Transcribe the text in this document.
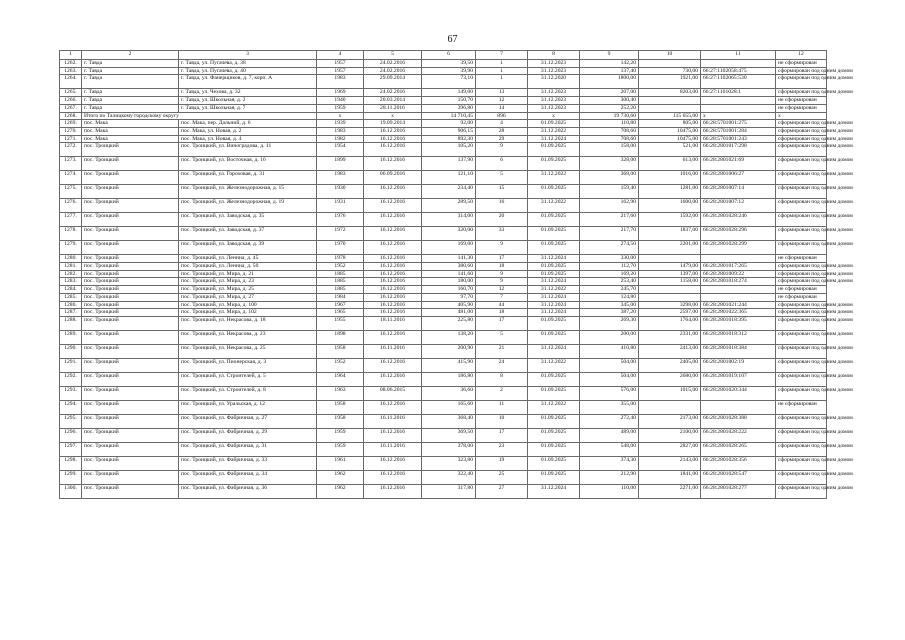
67
1	2	3	4	5	6	7	8	9	10	11	12
1262.	г. Тавда	г. Тавда, ул. Пугачева, д. 38	1957	24.02.2016	39,50	1	31.12.2023	142,20			не сформирован
1263.	г. Тавда	г. Тавда, ул. Пугачева, д. 40	1957	24.02.2016	39,90	1	31.12.2023	137,40	730,00	66:27:1102058:475	сформирован под одним домом
1264.	г. Тавда	г. Тавда, ул. Фанерщиков, д. 7, корп. А	1983	29.09.2014	73,10	1	31.12.2020	1800,00	1921,00	66:27:1102065:530	сформирован под одним домом
1265.	г. Тавда	г. Тавда, ул. Чехова, д. 32	1969	24.02.2016	149,00	13	31.12.2023	207,00	8203,00	66:27:1101028:1	сформирован под одним домом
1266.	г. Тавда	г. Тавда, ул. Школьная, д. 2	1940	20.03.2014	150,70	12	31.12.2023	300,40			не сформирован
1267.	г. Тавда	г. Тавда, ул. Школьная, д. 7	1959	28.11.2016	396,80	14	31.12.2023	252,20			не сформирован
1268.	Итого по Талицкому городскому округу		x	x	14 710,45	896	x	19 730,60	115 655,00	x	x
1269.	пос. Мака	пос. Мака, пер. Дальний, д. 6	1939	19.09.2014	92,00	4	01.09.2025	110,80	805,00	66:28:5701001:275	сформирован под одним домом
1270.	пос. Мака	пос. Мака, ул. Новая, д. 2	1983	16.12.2016	906,15	28	31.12.2022	708,60	10475,00	66:28:5701001:284	сформирован под одним домом
1271.	пос. Мака	пос. Мака, ул. Новая, д. 4	1982	16.12.2016	892,30	29	31.12.2024	708,60	10475,00	66:28:5701001:243	сформирован под одним домом
1272.	пос. Троицкий	пос. Троицкий, ул. Виноградова, д. 11	1954	16.12.2016	105,20	9	01.09.2025	158,00	521,00	66:28:2801017:298	сформирован под одним домом
1273.	пос. Троицкий	пос. Троицкий, ул. Восточная, д. 16	1899	16.12.2016	137,90	6	01.09.2025	328,00	613,00	66:28:2801021:69	сформирован под одним домом
1274.	пос. Троицкий	пос. Троицкий, ул. Гороховая, д. 31	1983	06.09.2016	121,10	5	31.12.2022	368,00	1016,00	66:28:2801006:27	сформирован под одним домом
1275.	пос. Троицкий	пос. Троицкий, ул. Железнодорожная, д. 15	1930	16.12.2016	234,40	15	01.09.2025	159,40	1281,00	66:28:2801007:14	сформирован под одним домом
1276.	пос. Троицкий	пос. Троицкий, ул. Железнодорожная, д. 19	1931	16.12.2016	289,50	16	31.12.2022	162,90	1600,00	66:28:2801007:12	сформирован под одним домом
1277.	пос. Троицкий	пос. Троицкий, ул. Заводская, д. 35	1976	16.12.2016	314,00	20	01.09.2025	217,60	1592,00	66:28:2801028:246	сформирован под одним домом
1278.	пос. Троицкий	пос. Троицкий, ул. Заводская, д. 37	1972	16.12.2016	320,00	33	01.09.2025	217,70	1837,00	66:28:2801028:296	сформирован под одним домом
1279.	пос. Троицкий	пос. Троицкий, ул. Заводская, д. 39	1970	16.12.2016	169,00	9	01.09.2025	274,50	2201,00	66:28:2801028:299	сформирован под одним домом
1280.	пос. Троицкий	пос. Троицкий, ул. Ленина, д. 45	1978	16.12.2016	141,30	17	31.12.2024	330,00			не сформирован
1281.	пос. Троицкий	пос. Троицкий, ул. Ленина, д. 50	1952	16.12.2016	380,60	18	01.09.2025	112,70	1479,00	66:28:2801017:265	сформирован под одним домом
1282.	пос. Троицкий	пос. Троицкий, ул. Мира, д. 21	1885	16.12.2016	141,60	9	01.09.2025	169,20	1397,00	66:28:2801009:22	сформирован под одним домом
1283.	пос. Троицкий	пос. Троицкий, ул. Мира, д. 23	1885	16.12.2016	180,00	9	31.12.2024	253,40	1158,00	66:28:2801018:274	сформирован под одним домом
1284.	пос. Троицкий	пос. Троицкий, ул. Мира, д. 25	1885	16.12.2016	160,70	12	31.12.2022	245,70			не сформирован
1285.	пос. Троицкий	пос. Троицкий, ул. Мира, д. 27	1984	16.12.2016	97,70	7	31.12.2024	124,80			не сформирован
1286.	пос. Троицкий	пос. Троицкий, ул. Мира, д. 100	1967	16.12.2016	405,90	44	31.12.2024	345,00	3298,00	66:28:2801021:244	сформирован под одним домом
1287.	пос. Троицкий	пос. Троицкий, ул. Мира, д. 102	1965	16.12.2016	481,00	18	31.12.2024	387,20	2597,00	66:28:2801022:365	сформирован под одним домом
1288.	пос. Троицкий	пос. Троицкий, ул. Некрасова, д. 18	1955	18.11.2016	225,80	17	01.09.2025	269,30	1764,00	66:28:2801018:395	сформирован под одним домом
1289.	пос. Троицкий	пос. Троицкий, ул. Некрасова, д. 23	1898	16.12.2016	138,20	5	01.09.2025	200,00	2331,00	66:28:2801018:312	сформирован под одним домом
1290.	пос. Троицкий	пос. Троицкий, ул. Некрасова, д. 25	1958	16.11.2016	200,90	21	31.12.2024	410,80	2413,00	66:28:2801018:384	сформирован под одним домом
1291.	пос. Троицкий	пос. Троицкий, ул. Пионерская, д. 3	1952	16.12.2016	415,90	24	31.12.2022	504,00	2405,00	66:28:2801002:19	сформирован под одним домом
1292.	пос. Троицкий	пос. Троицкий, ул. Строителей, д. 5	1964	16.12.2016	186,80	8	01.09.2025	504,00	2680,00	66:28:2801019:107	сформирован под одним домом
1293.	пос. Троицкий	пос. Троицкий, ул. Строителей, д. 8	1963	08.06.2015	36,60	2	01.09.2025	576,00	1015,00	66:28:2801020:344	сформирован под одним домом
1294.	пос. Троицкий	пос. Троицкий, ул. Уральская, д. 12	1958	16.12.2016	165,60	11	31.12.2022	355,00			не сформирован
1295.	пос. Троицкий	пос. Троицкий, ул. Фабричная, д. 27	1958	16.11.2016	368,40	10	01.09.2025	272,40	2173,00	66:28:2801028:388	сформирован под одним домом
1296.	пос. Троицкий	пос. Троицкий, ул. Фабричная, д. 29	1959	16.12.2016	369,50	17	01.09.2025	489,00	2100,00	66:28:2801028:222	сформирован под одним домом
1297.	пос. Троицкий	пос. Троицкий, ул. Фабричная, д. 31	1959	16.11.2016	378,00	23	01.09.2025	548,00	2827,00	66:28:2801028:265	сформирован под одним домом
1298.	пос. Троицкий	пос. Троицкий, ул. Фабричная, д. 33	1961	16.12.2016	323,80	19	01.09.2025	374,30	2143,00	66:28:2801028:356	сформирован под одним домом
1299.	пос. Троицкий	пос. Троицкий, ул. Фабричная, д. 34	1962	16.12.2016	322,40	25	01.09.2025	212,90	1841,00	66:28:2801028:547	сформирован под одним домом
1300.	пос. Троицкий	пос. Троицкий, ул. Фабричная, д. 36	1962	16.12.2016	317,80	27	31.12.2024	110,00	2271,00	66:28:2801028:277	сформирован под одним домом
